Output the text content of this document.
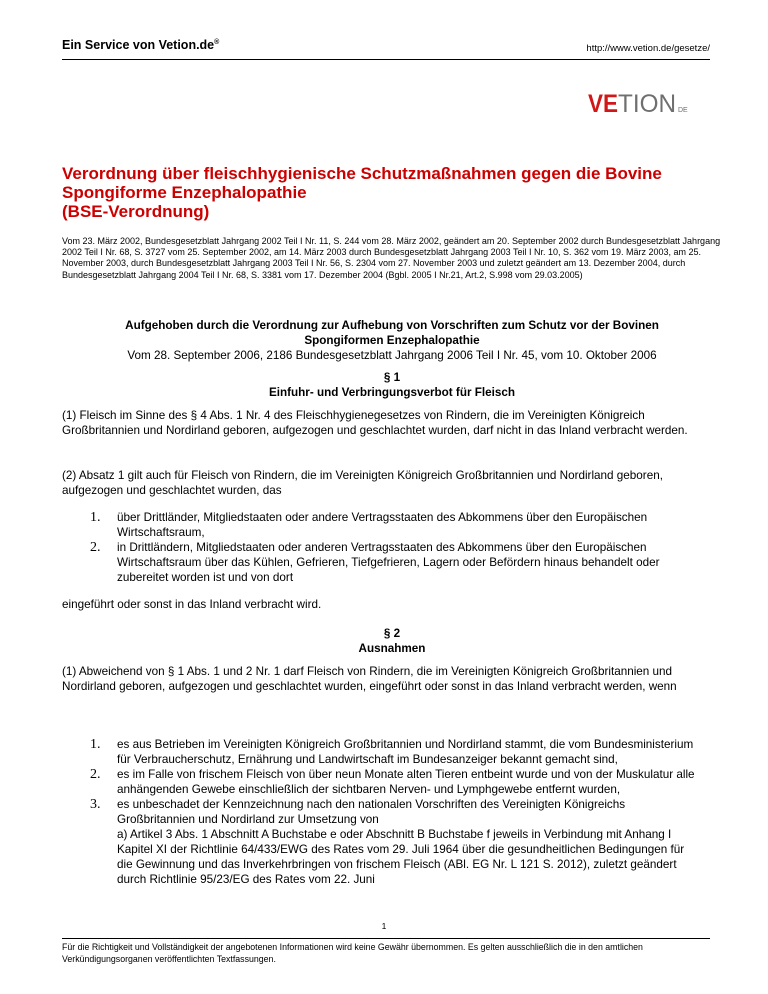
Ein Service von Vetion.de®
http://www.vetion.de/gesetze/
VE TION DE
Verordnung über fleischhygienische Schutzmaßnahmen gegen die Bovine
Spongiforme Enzephalopathie
(BSE-Verordnung)

Vom 23. März 2002, Bundesgesetzblatt Jahrgang 2002 Teil I Nr. 11, S. 244 vom 28. März 2002, geändert am 20. September 2002 durch Bundesgesetzblatt Jahrgang 2002 Teil I Nr. 68, S. 3727 vom 25. September 2002, am 14. März 2003 durch Bundesgesetzblatt Jahrgang 2003 Teil I Nr. 10, S. 362 vom 19. März 2003, am 25. November 2003, durch Bundesgesetzblatt Jahrgang 2003 Teil I Nr. 56, S. 2304 vom 27. November 2003 und zuletzt geändert am 13. Dezember 2004, durch Bundesgesetzblatt Jahrgang 2004 Teil I Nr. 68, S. 3381 vom 17. Dezember 2004 (Bgbl. 2005 I Nr.21, Art.2, S.998 vom 29.03.2005)

Aufgehoben durch die Verordnung zur Aufhebung von Vorschriften zum Schutz vor der Bovinen
Spongiformen Enzephalopathie
Vom 28. September 2006, 2186 Bundesgesetzblatt Jahrgang 2006 Teil I Nr. 45, vom 10. Oktober 2006
§ 1
Einfuhr- und Verbringungsverbot für Fleisch

(1) Fleisch im Sinne des § 4 Abs. 1 Nr. 4 des Fleischhygienegesetzes von Rindern, die im Vereinigten Königreich Großbritannien und Nordirland geboren, aufgezogen und geschlachtet wurden, darf nicht in das Inland verbracht werden.

(2) Absatz 1 gilt auch für Fleisch von Rindern, die im Vereinigten Königreich Großbritannien und Nordirland geboren, aufgezogen und geschlachtet wurden, das

1. über Drittländer, Mitgliedstaaten oder andere Vertragsstaaten des Abkommens über den Europäischen Wirtschaftsraum,
2. in Drittländern, Mitgliedstaaten oder anderen Vertragsstaaten des Abkommens über den Europäischen Wirtschaftsraum über das Kühlen, Gefrieren, Tiefgefrieren, Lagern oder Befördern hinaus behandelt oder zubereitet worden ist und von dort

eingeführt oder sonst in das Inland verbracht wird.

§ 2
Ausnahmen

(1) Abweichend von § 1 Abs. 1 und 2 Nr. 1 darf Fleisch von Rindern, die im Vereinigten Königreich Großbritannien und Nordirland geboren, aufgezogen und geschlachtet wurden, eingeführt oder sonst in das Inland verbracht werden, wenn

1. es aus Betrieben im Vereinigten Königreich Großbritannien und Nordirland stammt, die vom Bundesministerium für Verbraucherschutz, Ernährung und Landwirtschaft im Bundesanzeiger bekannt gemacht sind,
2. es im Falle von frischem Fleisch von über neun Monate alten Tieren entbeint wurde und von der Muskulatur alle anhängenden Gewebe einschließlich der sichtbaren Nerven- und Lymphgewebe entfernt wurden,
3. es unbeschadet der Kennzeichnung nach den nationalen Vorschriften des Vereinigten Königreichs Großbritannien und Nordirland zur Umsetzung von
a) Artikel 3 Abs. 1 Abschnitt A Buchstabe e oder Abschnitt B Buchstabe f jeweils in Verbindung mit Anhang I Kapitel XI der Richtlinie 64/433/EWG des Rates vom 29. Juli 1964 über die gesundheitlichen Bedingungen für die Gewinnung und das Inverkehrbringen von frischem Fleisch (ABl. EG Nr. L 121 S. 2012), zuletzt geändert durch Richtlinie 95/23/EG des Rates vom 22. Juni
1
Für die Richtigkeit und Vollständigkeit der angebotenen Informationen wird keine Gewähr übernommen. Es gelten ausschließlich die in den amtlichen Verkündigungsorganen veröffentlichten Textfassungen.
